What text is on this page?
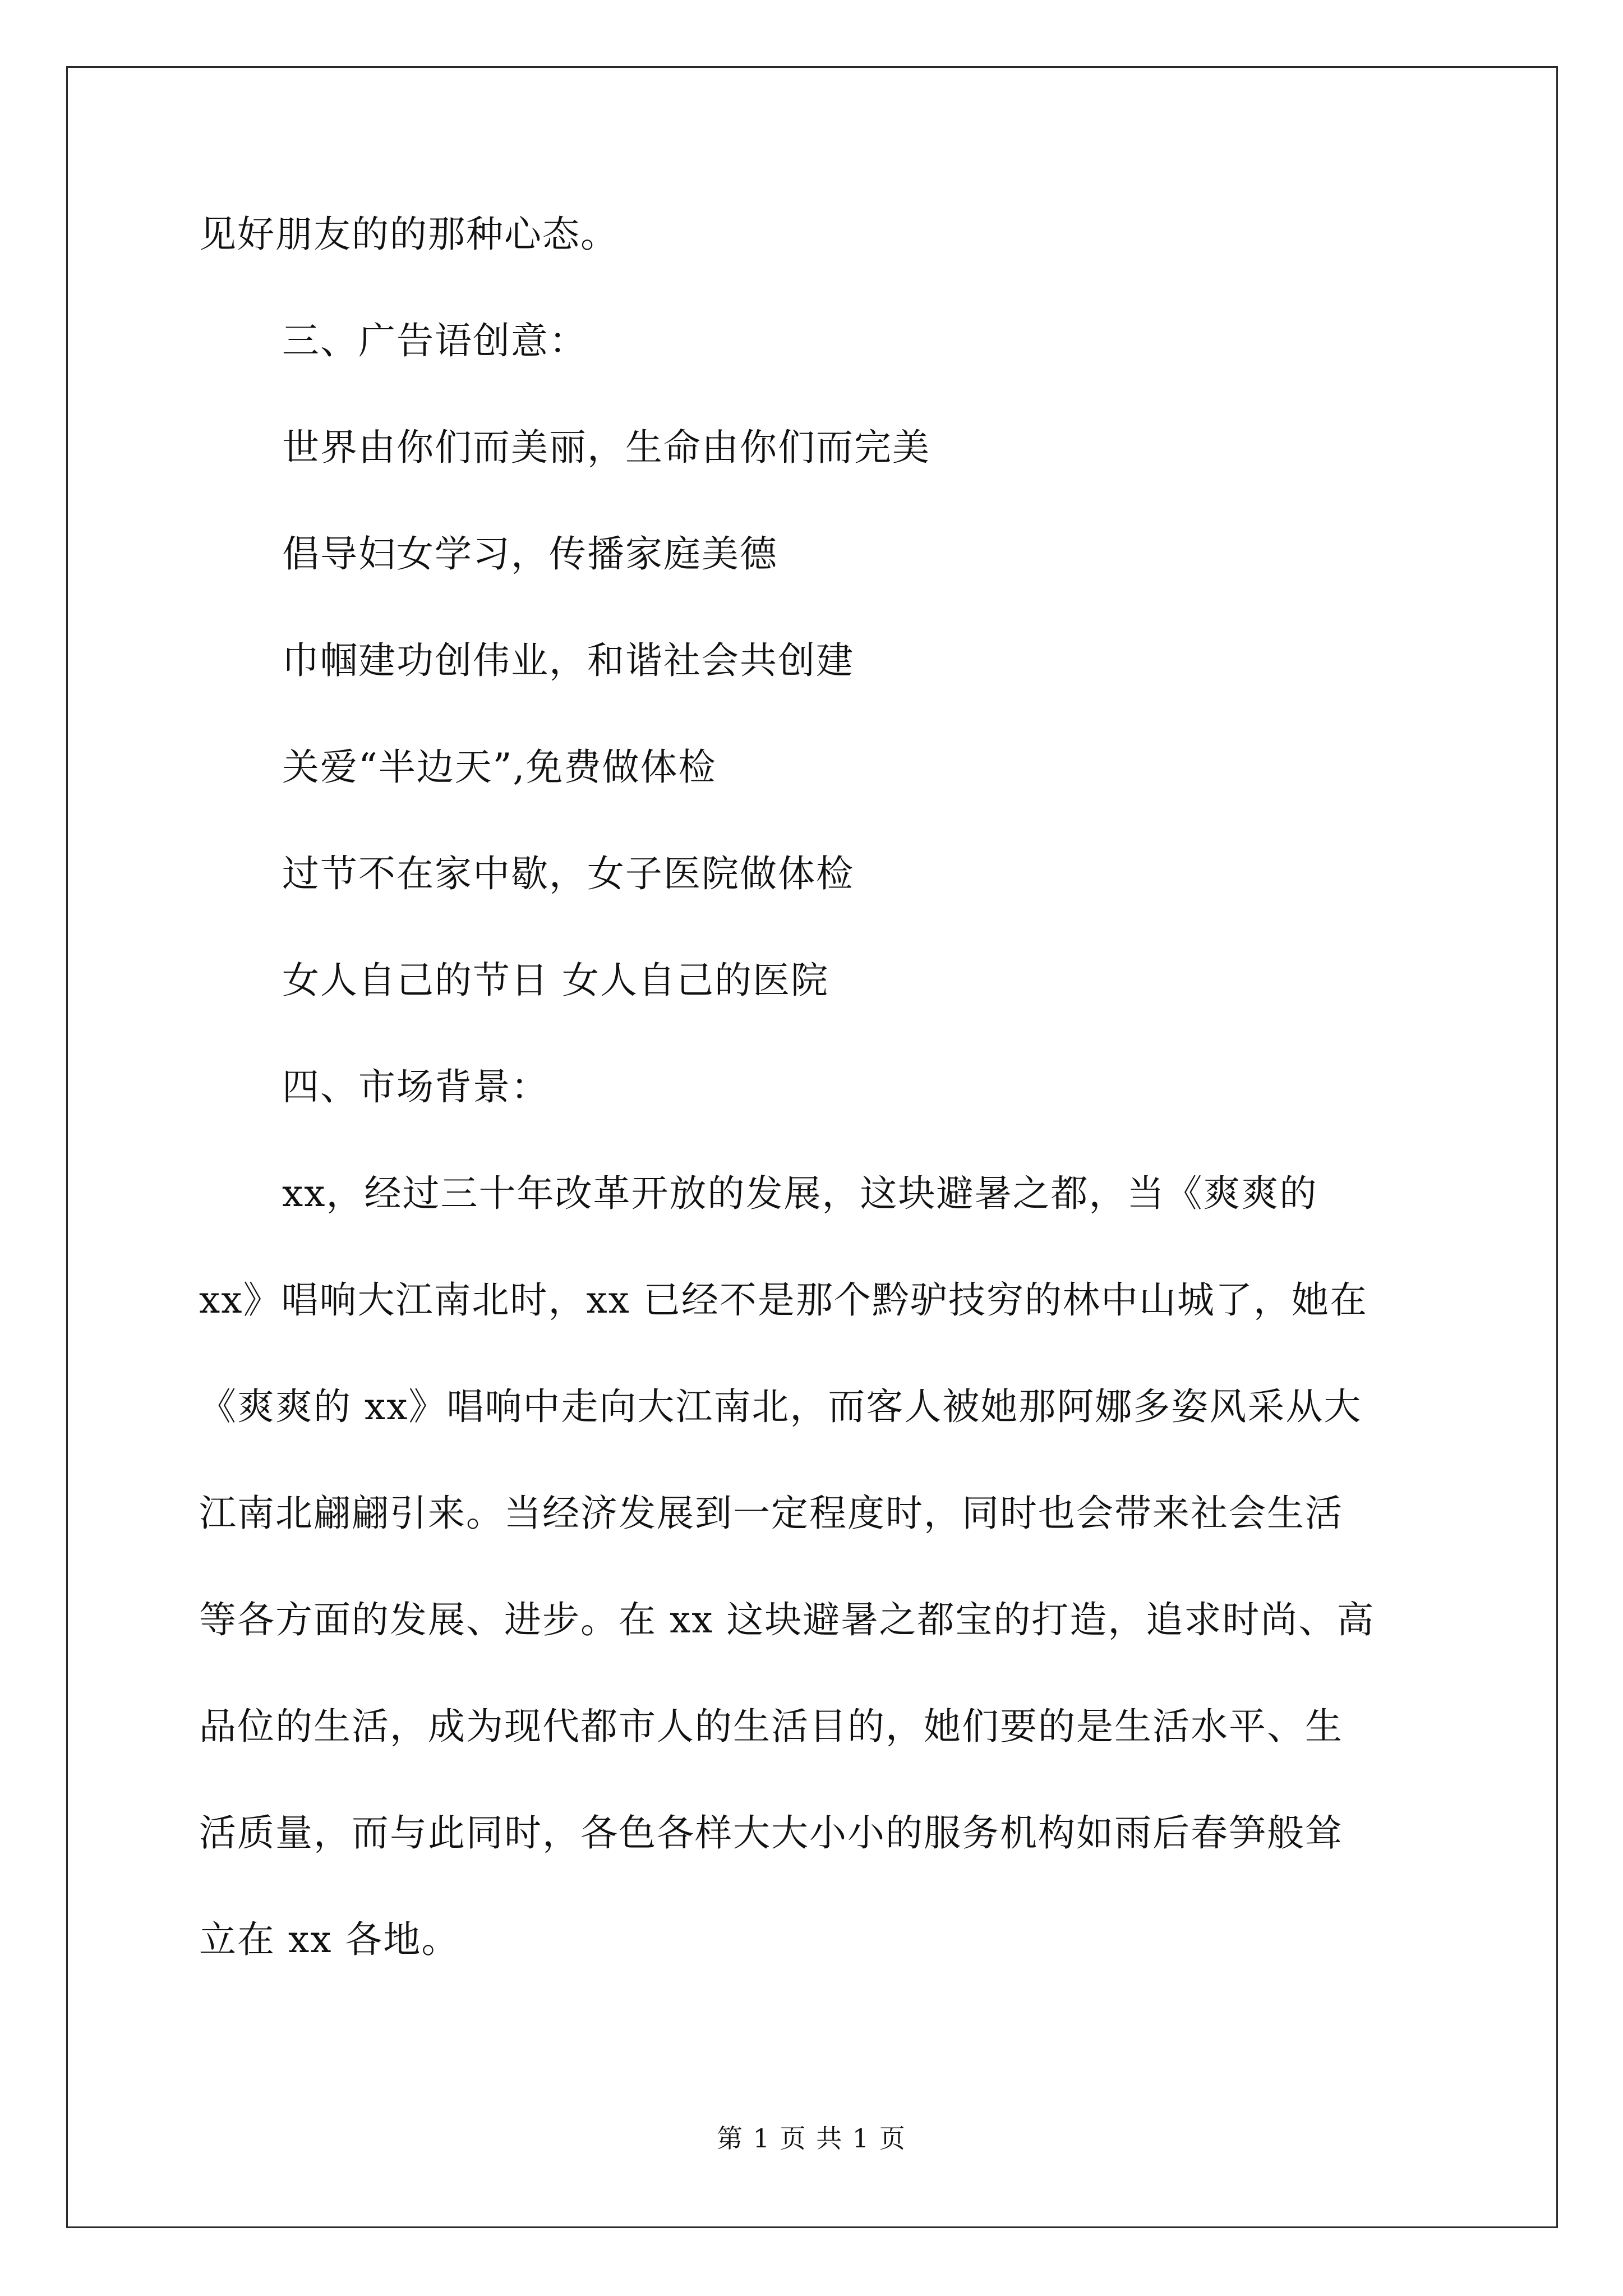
见好朋友的的那种心态。
三、广告语创意：
世界由你们而美丽，生命由你们而完美
倡导妇女学习，传播家庭美德
巾帼建功创伟业，和谐社会共创建
关爱“半边天”,免费做体检
过节不在家中歇，女子医院做体检
女人自己的节日 女人自己的医院
四、市场背景：
xx，经过三十年改革开放的发展，这块避暑之都，当《爽爽的
xx》唱响大江南北时，xx 已经不是那个黔驴技穷的林中山城了，她在
《爽爽的 xx》唱响中走向大江南北，而客人被她那阿娜多姿风采从大
江南北翩翩引来。当经济发展到一定程度时，同时也会带来社会生活
等各方面的发展、进步。在 xx 这块避暑之都宝的打造，追求时尚、高
品位的生活，成为现代都市人的生活目的，她们要的是生活水平、生
活质量，而与此同时，各色各样大大小小的服务机构如雨后春笋般耸
立在 xx 各地。
第 1 页 共 1 页
